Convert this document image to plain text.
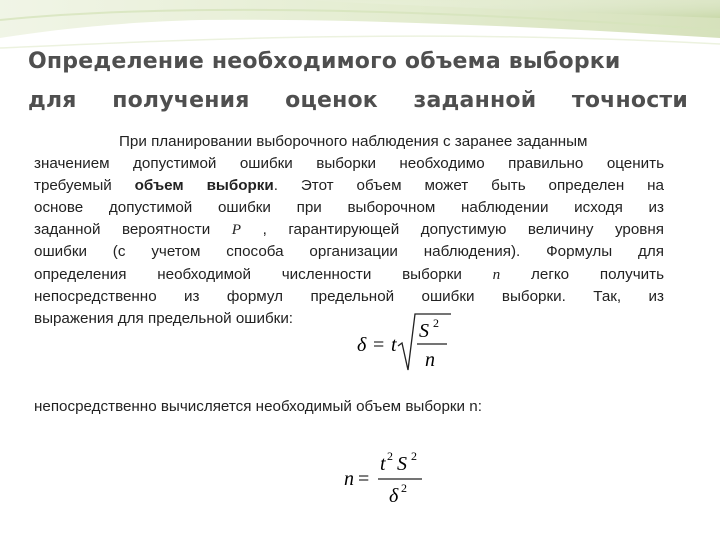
Определение необходимого объема выборки
для получения оценок заданной точности
При планировании выборочного наблюдения с заранее заданным
значением допустимой ошибки выборки необходимо правильно оценить
требуемый объем выборки. Этот объем может быть определен на
основе допустимой ошибки при выборочном наблюдении исходя из
заданной вероятности Р , гарантирующей допустимую величину уровня
ошибки (с учетом способа организации наблюдения). Формулы для
определения необходимой численности выборки n легко получить
непосредственно из формул предельной ошибки выборки. Так, из
выражения для предельной ошибки:
δ = t
S 2
n
непосредственно вычисляется необходимый объем выборки n:
n =
t 2 S 2
δ 2
